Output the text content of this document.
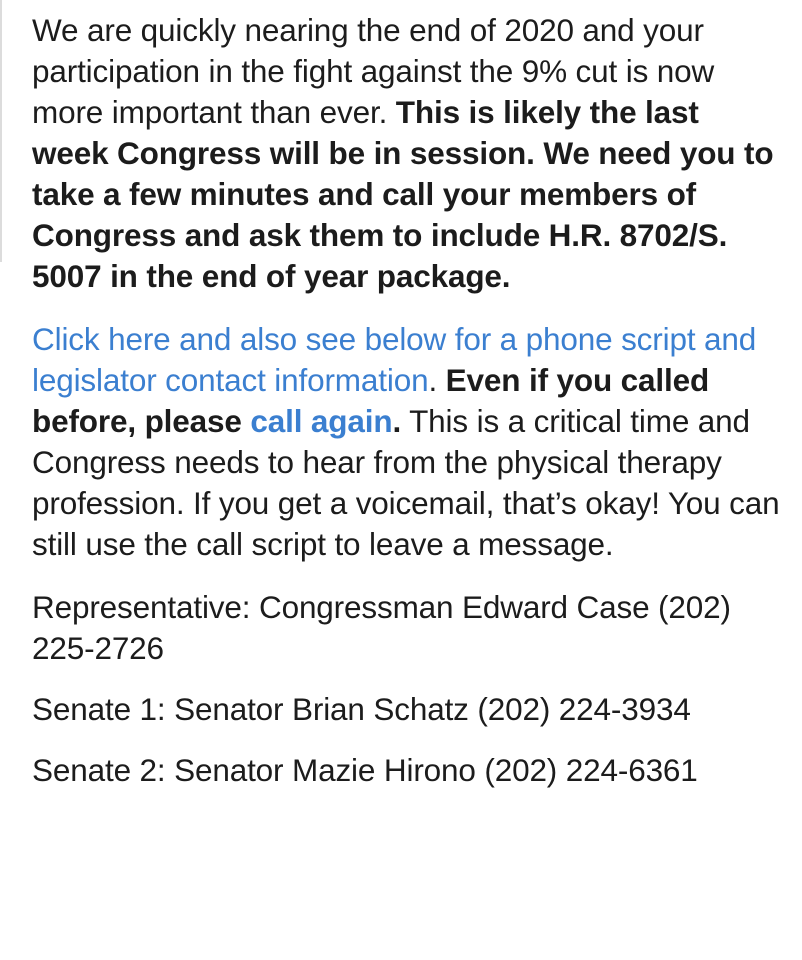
We are quickly nearing the end of 2020 and your participation in the fight against the 9% cut is now more important than ever. This is likely the last week Congress will be in session. We need you to take a few minutes and call your members of Congress and ask them to include H.R. 8702/S. 5007 in the end of year package.

Click here and also see below for a phone script and legislator contact information. Even if you called before, please call again. This is a critical time and Congress needs to hear from the physical therapy profession. If you get a voicemail, that’s okay! You can still use the call script to leave a message.

Representative: Congressman Edward Case (202) 225-2726

Senate 1: Senator Brian Schatz (202) 224-3934

Senate 2: Senator Mazie Hirono (202) 224-6361
